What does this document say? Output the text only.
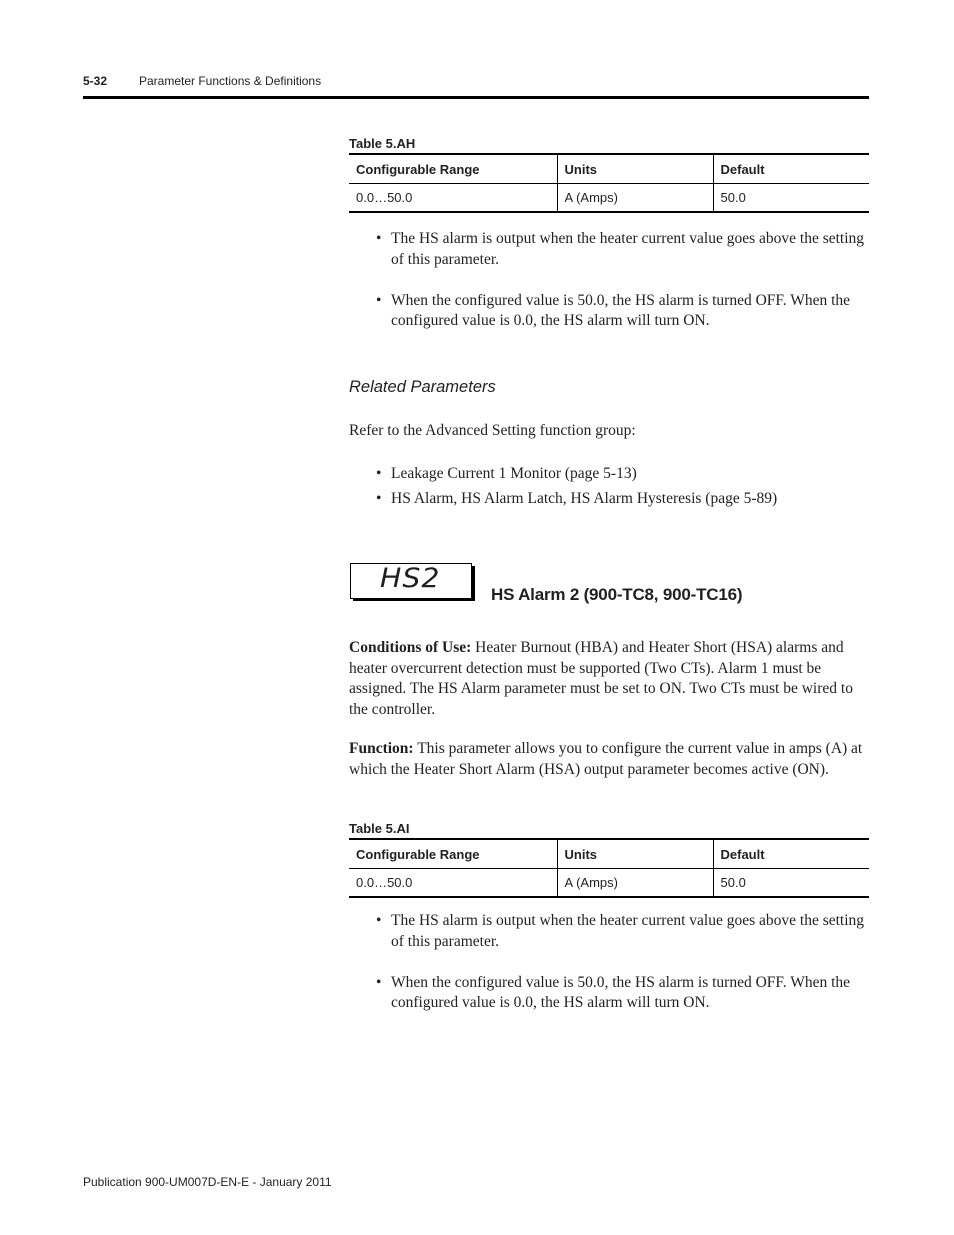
5-32	Parameter Functions & Definitions
Table 5.AH
Configurable Range	Units	Default
0.0…50.0	A (Amps)	50.0
• The HS alarm is output when the heater current value goes above the setting of this parameter.
• When the configured value is 50.0, the HS alarm is turned OFF. When the configured value is 0.0, the HS alarm will turn ON.
Related Parameters

Refer to the Advanced Setting function group:

• Leakage Current 1 Monitor (page 5-13)
• HS Alarm, HS Alarm Latch, HS Alarm Hysteresis (page 5-89)
HS2
HS Alarm 2 (900-TC8, 900-TC16)

Conditions of Use: Heater Burnout (HBA) and Heater Short (HSA) alarms and heater overcurrent detection must be supported (Two CTs). Alarm 1 must be assigned. The HS Alarm parameter must be set to ON. Two CTs must be wired to the controller.

Function: This parameter allows you to configure the current value in amps (A) at which the Heater Short Alarm (HSA) output parameter becomes active (ON).

Table 5.AI
Configurable Range	Units	Default
0.0…50.0	A (Amps)	50.0
• The HS alarm is output when the heater current value goes above the setting of this parameter.
• When the configured value is 50.0, the HS alarm is turned OFF. When the configured value is 0.0, the HS alarm will turn ON.
Publication 900-UM007D-EN-E - January 2011
